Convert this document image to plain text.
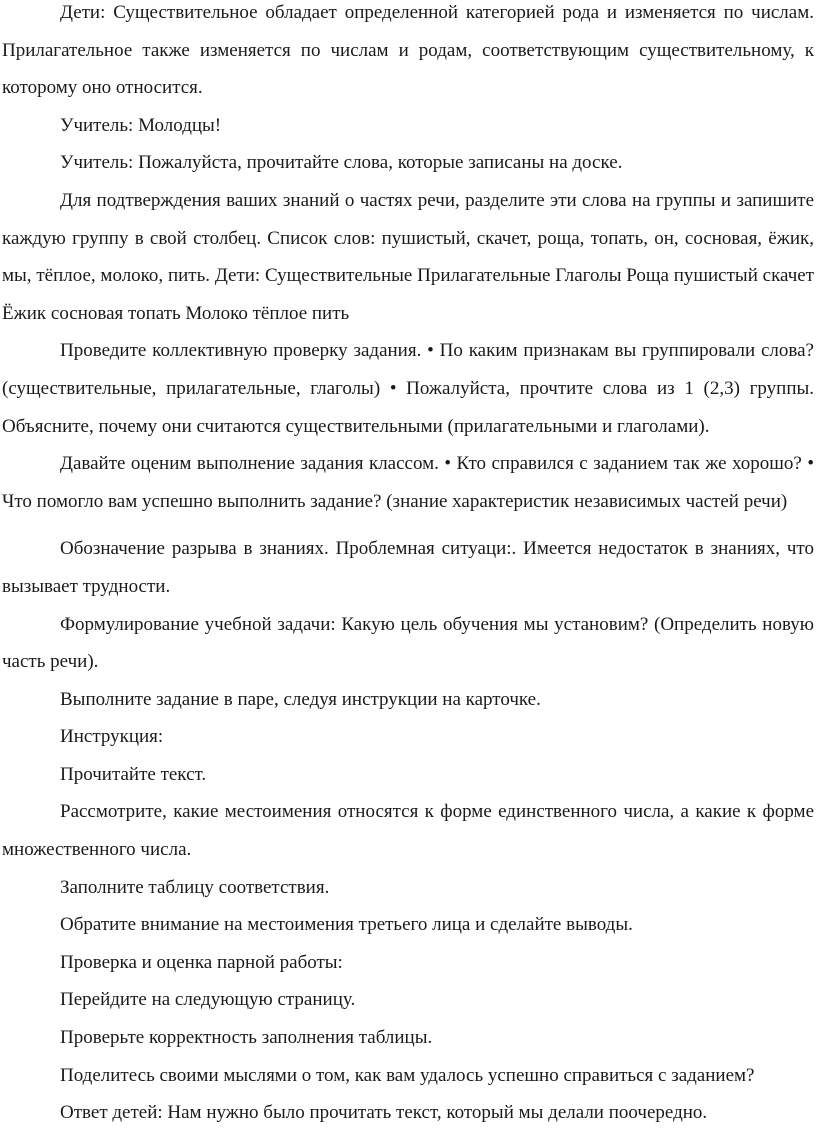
Дети: Существительное обладает определенной категорией рода и изменяется по числам. Прилагательное также изменяется по числам и родам, соответствующим существительному, к которому оно относится.

Учитель: Молодцы!

Учитель: Пожалуйста, прочитайте слова, которые записаны на доске.

Для подтверждения ваших знаний о частях речи, разделите эти слова на группы и запишите каждую группу в свой столбец. Список слов: пушистый, скачет, роща, топать, он, сосновая, ёжик, мы, тёплое, молоко, пить. Дети: Существительные Прилагательные Глаголы Роща пушистый скачет Ёжик сосновая топать Молоко тёплое пить

Проведите коллективную проверку задания. • По каким признакам вы группировали слова? (существительные, прилагательные, глаголы) • Пожалуйста, прочтите слова из 1 (2,3) группы. Объясните, почему они считаются существительными (прилагательными и глаголами).

Давайте оценим выполнение задания классом. • Кто справился с заданием так же хорошо? • Что помогло вам успешно выполнить задание? (знание характеристик независимых частей речи)

Обозначение разрыва в знаниях. Проблемная ситуаци:. Имеется недостаток в знаниях, что вызывает трудности.

Формулирование учебной задачи: Какую цель обучения мы установим? (Определить новую часть речи).

Выполните задание в паре, следуя инструкции на карточке.

Инструкция:

Прочитайте текст.

Рассмотрите, какие местоимения относятся к форме единственного числа, а какие к форме множественного числа.

Заполните таблицу соответствия.

Обратите внимание на местоимения третьего лица и сделайте выводы.

Проверка и оценка парной работы:

Перейдите на следующую страницу.

Проверьте корректность заполнения таблицы.

Поделитесь своими мыслями о том, как вам удалось успешно справиться с заданием?

Ответ детей: Нам нужно было прочитать текст, который мы делали поочередно.
